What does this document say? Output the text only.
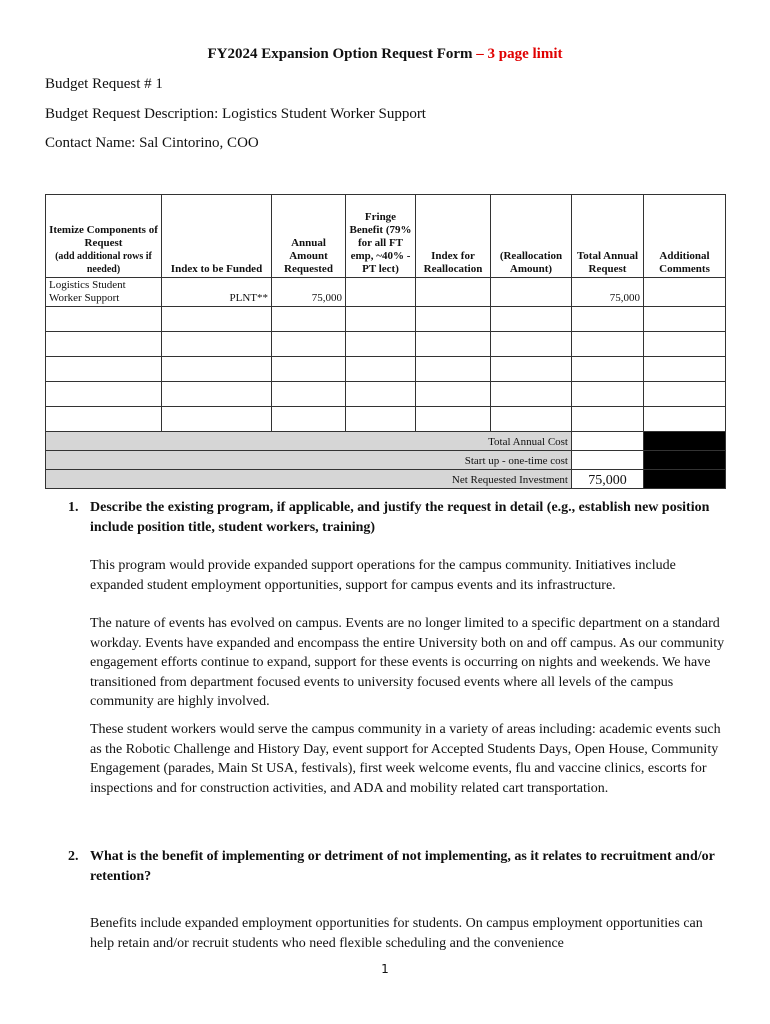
FY2024 Expansion Option Request Form – 3 page limit
Budget Request # 1
Budget Request Description: Logistics Student Worker Support
Contact Name: Sal Cintorino, COO
Itemize Components of Request
(add additional rows if needed)	Index to be Funded	Annual Amount Requested	Fringe Benefit (79% for all FT emp, ~40% - PT lect)	Index for Reallocation	(Reallocation Amount)	Total Annual Request	Additional Comments
Logistics Student Worker Support	PLNT**	75,000				75,000	

Total Annual Cost							
Start up - one-time cost							
Net Requested Investment						75,000	
1. Describe the existing program, if applicable, and justify the request in detail (e.g., establish new position include position title, student workers, training)
This program would provide expanded support operations for the campus community. Initiatives include expanded student employment opportunities, support for campus events and its infrastructure.
The nature of events has evolved on campus. Events are no longer limited to a specific department on a standard workday. Events have expanded and encompass the entire University both on and off campus. As our community engagement efforts continue to expand, support for these events is occurring on nights and weekends. We have transitioned from department focused events to university focused events where all levels of the campus community are highly involved.
These student workers would serve the campus community in a variety of areas including: academic events such as the Robotic Challenge and History Day, event support for Accepted Students Days, Open House, Community Engagement (parades, Main St USA, festivals), first week welcome events, flu and vaccine clinics, escorts for inspections and for construction activities, and ADA and mobility related cart transportation.
2. What is the benefit of implementing or detriment of not implementing, as it relates to recruitment and/or retention?
Benefits include expanded employment opportunities for students. On campus employment opportunities can help retain and/or recruit students who need flexible scheduling and the convenience
1
